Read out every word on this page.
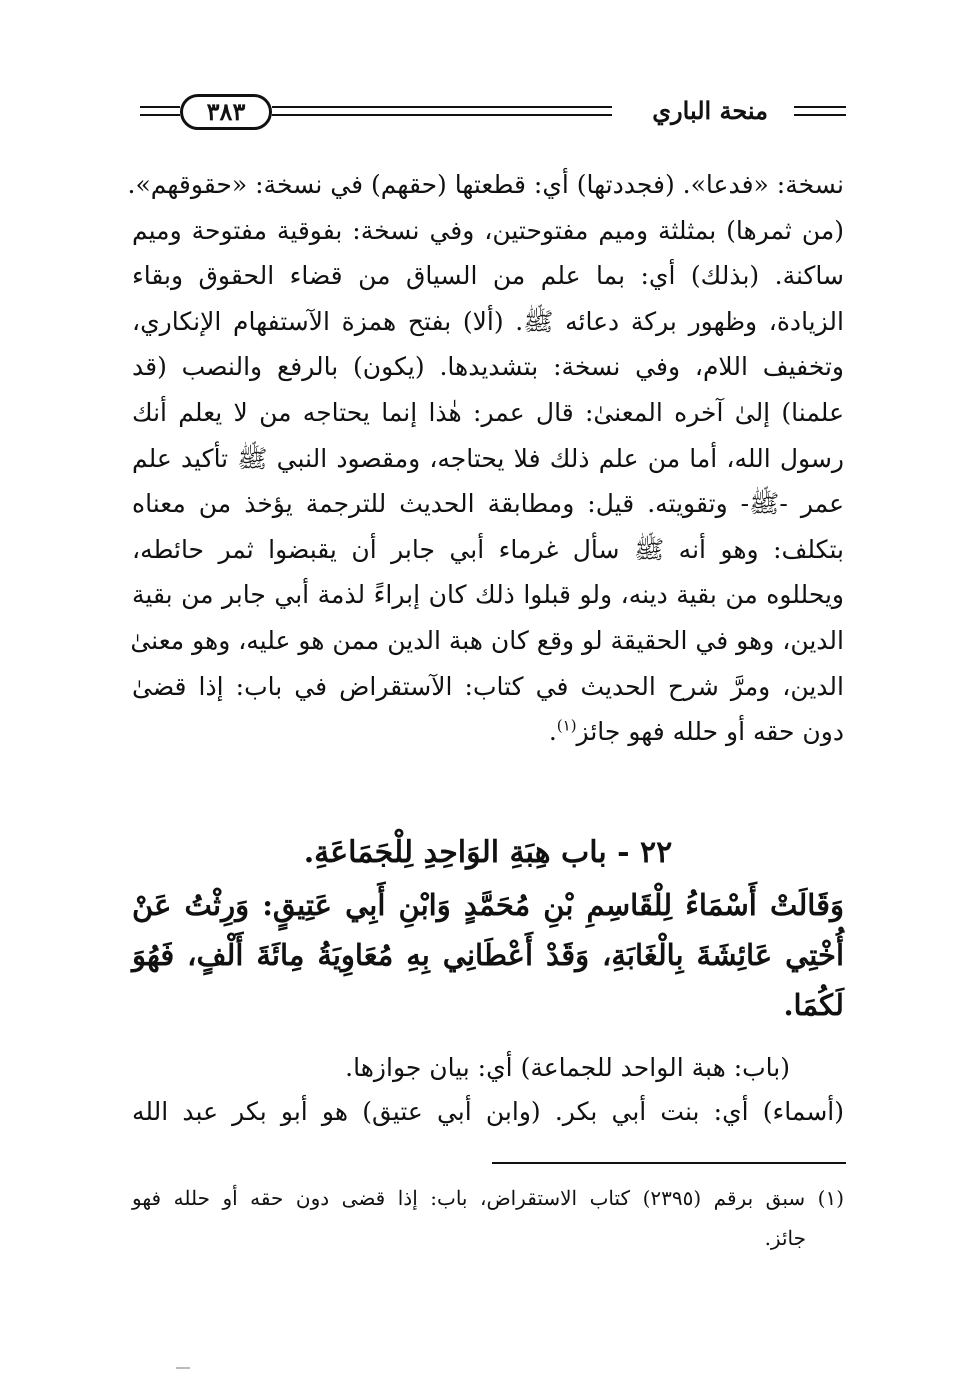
منحة الباري
٣٨٣
نسخة: «فدعا». (فجددتها) أي: قطعتها (حقهم) في نسخة: «حقوقهم».
(من ثمرها) بمثلثة وميم مفتوحتين، وفي نسخة: بفوقية مفتوحة وميم
ساكنة. (بذلك) أي: بما علم من السياق من قضاء الحقوق وبقاء
الزيادة، وظهور بركة دعائه ﷺ. (ألا) بفتح همزة الآستفهام الإنكاري،
وتخفيف اللام، وفي نسخة: بتشديدها. (يكون) بالرفع والنصب (قد
علمنا) إلىٰ آخره المعنىٰ: قال عمر: هٰذا إنما يحتاجه من لا يعلم أنك
رسول الله، أما من علم ذلك فلا يحتاجه، ومقصود النبي ﷺ تأكيد علم
عمر -ﷺ- وتقويته. قيل: ومطابقة الحديث للترجمة يؤخذ من معناه
بتكلف: وهو أنه ﷺ سأل غرماء أبي جابر أن يقبضوا ثمر حائطه،
ويحللوه من بقية دينه، ولو قبلوا ذلك كان إبراءً لذمة أبي جابر من بقية
الدين، وهو في الحقيقة لو وقع كان هبة الدين ممن هو عليه، وهو معنىٰ
الدين، ومرَّ شرح الحديث في كتاب: الآستقراض في باب: إذا قضىٰ
دون حقه أو حلله فهو جائز$^{(١)}$.
٢٢ - باب هِبَةِ الوَاحِدِ لِلْجَمَاعَةِ.
وَقَالَتْ أَسْمَاءُ لِلْقَاسِمِ بْنِ مُحَمَّدٍ وَابْنِ أَبِي عَتِيقٍ: وَرِثْتُ عَنْ
أُخْتِي عَائِشَةَ بِالْغَابَةِ، وَقَدْ أَعْطَانِي بِهِ مُعَاوِيَةُ مِائَةَ أَلْفٍ، فَهُوَ
لَكُمَا.
(باب: هبة الواحد للجماعة) أي: بيان جوازها.
(أسماء) أي: بنت أبي بكر. (وابن أبي عتيق) هو أبو بكر عبد الله
(١) سبق برقم (٢٣٩٥) كتاب الاستقراض، باب: إذا قضى دون حقه أو حلله فهو
جائز.
